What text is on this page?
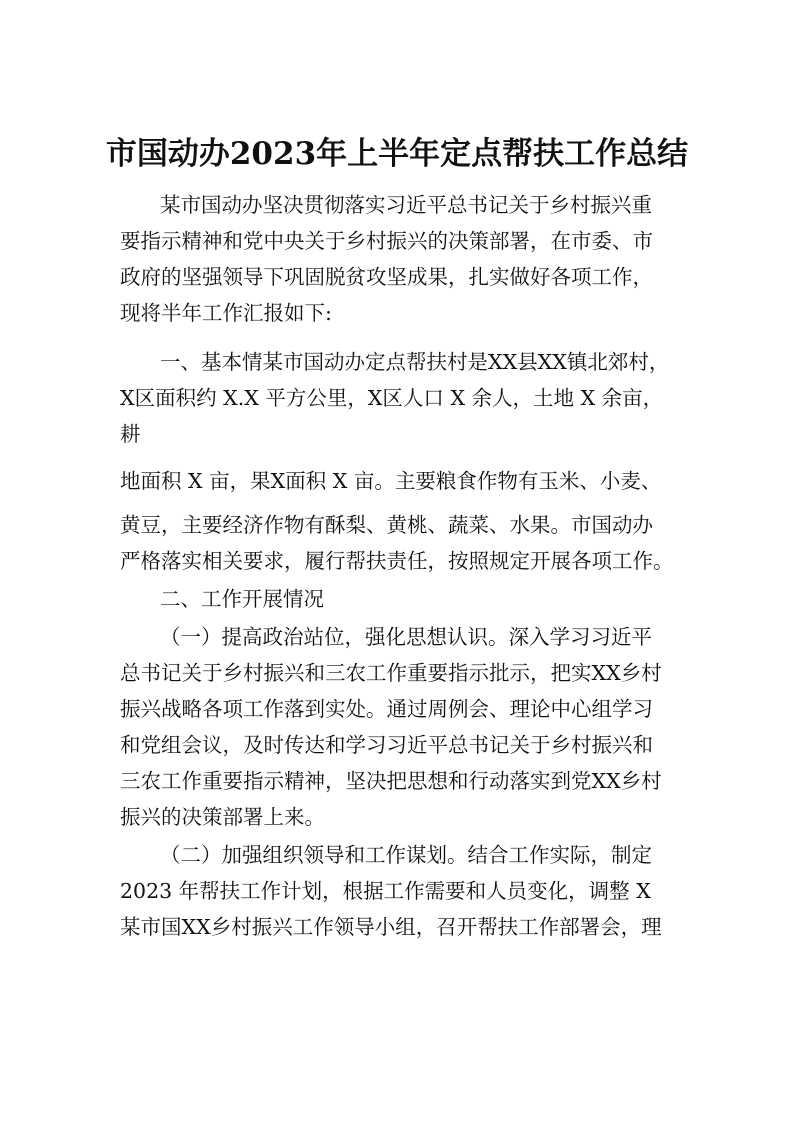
市国动办2023年上半年定点帮扶工作总结
某市国动办坚决贯彻落实习近平总书记关于乡村振兴重
要指示精神和党中央关于乡村振兴的决策部署，在市委、市
政府的坚强领导下巩固脱贫攻坚成果，扎实做好各项工作，
现将半年工作汇报如下:
一、基本情某市国动办定点帮扶村是XX县XX镇北郊村，
X区面积约 X.X 平方公里，X区人口 X 余人，土地 X 余亩，
耕
地面积 X 亩，果X面积 X 亩。主要粮食作物有玉米、小麦、
黄豆，主要经济作物有酥梨、黄桃、蔬菜、水果。市国动办
严格落实相关要求，履行帮扶责任，按照规定开展各项工作。
二、工作开展情况
（一）提高政治站位，强化思想认识。深入学习习近平
总书记关于乡村振兴和三农工作重要指示批示，把实XX乡村
振兴战略各项工作落到实处。通过周例会、理论中心组学习
和党组会议，及时传达和学习习近平总书记关于乡村振兴和
三农工作重要指示精神，坚决把思想和行动落实到党XX乡村
振兴的决策部署上来。
（二）加强组织领导和工作谋划。结合工作实际，制定
2023 年帮扶工作计划，根据工作需要和人员变化，调整 X
某市国XX乡村振兴工作领导小组，召开帮扶工作部署会，理
